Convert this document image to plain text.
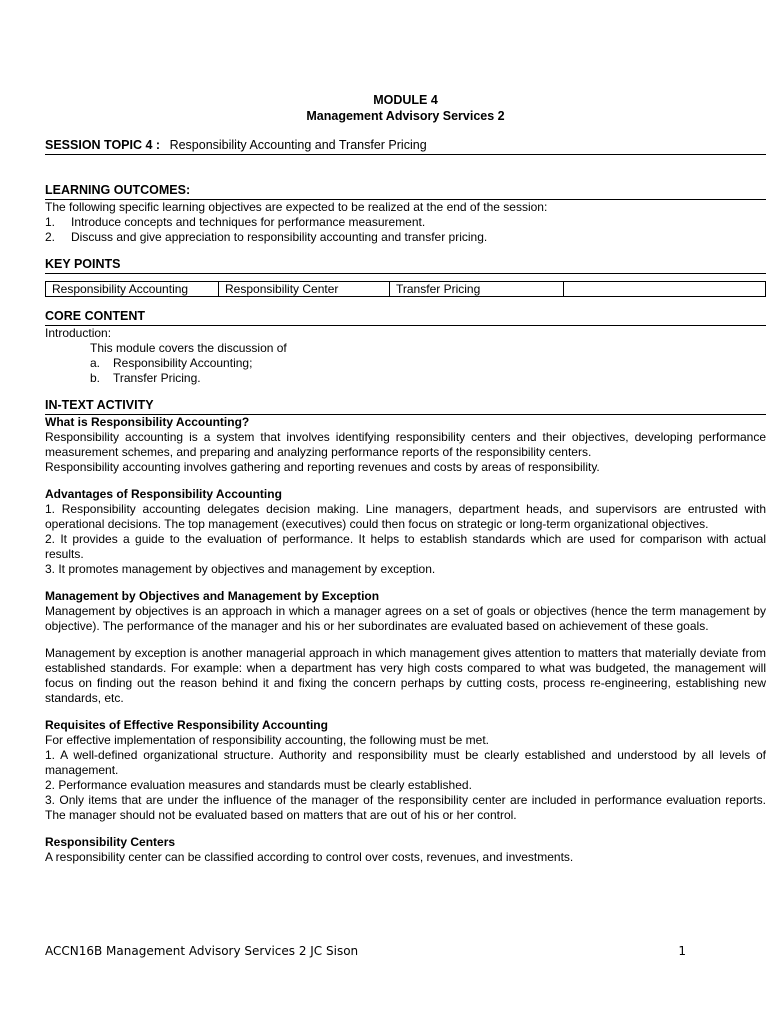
MODULE 4
Management Advisory Services 2
SESSION TOPIC 4 : Responsibility Accounting and Transfer Pricing
LEARNING OUTCOMES:
The following specific learning objectives are expected to be realized at the end of the session:
1.	Introduce concepts and techniques for performance measurement.
2.	Discuss and give appreciation to responsibility accounting and transfer pricing.
KEY POINTS
Responsibility Accounting	Responsibility Center	Transfer Pricing	
CORE CONTENT
Introduction:
This module covers the discussion of
a.	Responsibility Accounting;
b.	Transfer Pricing.
IN-TEXT ACTIVITY
What is Responsibility Accounting?
Responsibility accounting is a system that involves identifying responsibility centers and their objectives, developing performance measurement schemes, and preparing and analyzing performance reports of the responsibility centers.
Responsibility accounting involves gathering and reporting revenues and costs by areas of responsibility.
Advantages of Responsibility Accounting
1. Responsibility accounting delegates decision making. Line managers, department heads, and supervisors are entrusted with operational decisions. The top management (executives) could then focus on strategic or long-term organizational objectives.
2. It provides a guide to the evaluation of performance. It helps to establish standards which are used for comparison with actual results.
3. It promotes management by objectives and management by exception.
Management by Objectives and Management by Exception
Management by objectives is an approach in which a manager agrees on a set of goals or objectives (hence the term management by objective). The performance of the manager and his or her subordinates are evaluated based on achievement of these goals.
Management by exception is another managerial approach in which management gives attention to matters that materially deviate from established standards. For example: when a department has very high costs compared to what was budgeted, the management will focus on finding out the reason behind it and fixing the concern perhaps by cutting costs, process re-engineering, establishing new standards, etc.
Requisites of Effective Responsibility Accounting
For effective implementation of responsibility accounting, the following must be met.
1. A well-defined organizational structure. Authority and responsibility must be clearly established and understood by all levels of management.
2. Performance evaluation measures and standards must be clearly established.
3. Only items that are under the influence of the manager of the responsibility center are included in performance evaluation reports. The manager should not be evaluated based on matters that are out of his or her control.
Responsibility Centers
A responsibility center can be classified according to control over costs, revenues, and investments.
ACCN16B Management Advisory Services 2 JC Sison	1
